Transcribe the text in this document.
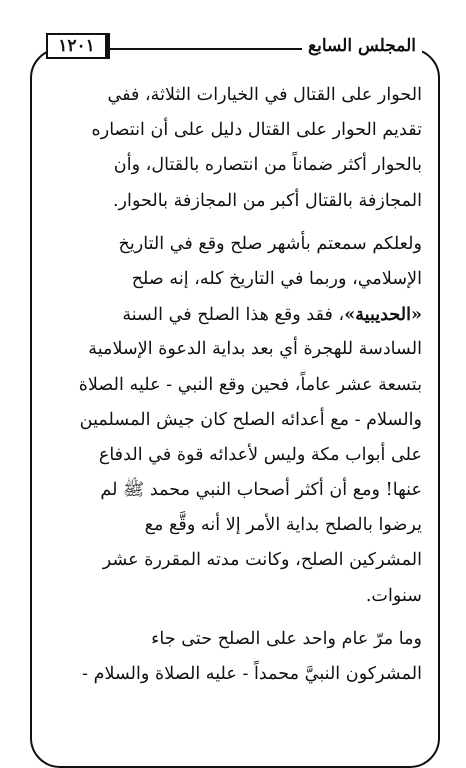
١٢٠١	المجلس السابع
الحوار على القتال في الخيارات الثلاثة، ففي
تقديم الحوار على القتال دليل على أن انتصاره
بالحوار أكثر ضماناً من انتصاره بالقتال، وأن
المجازفة بالقتال أكبر من المجازفة بالحوار.
ولعلكم سمعتم بأشهر صلح وقع في التاريخ
الإسلامي، وربما في التاريخ كله، إنه صلح
«الحديبية»، فقد وقع هذا الصلح في السنة
السادسة للهجرة أي بعد بداية الدعوة الإسلامية
بتسعة عشر عاماً، فحين وقع النبي - عليه الصلاة
والسلام - مع أعدائه الصلح كان جيش المسلمين
على أبواب مكة وليس لأعدائه قوة في الدفاع
عنها! ومع أن أكثر أصحاب النبي محمد ﷺ لم
يرضوا بالصلح بداية الأمر إلا أنه وقَّع مع
المشركين الصلح، وكانت مدته المقررة عشر
سنوات.
وما مرّ عام واحد على الصلح حتى جاء
المشركون النبيَّ محمداً - عليه الصلاة والسلام -
